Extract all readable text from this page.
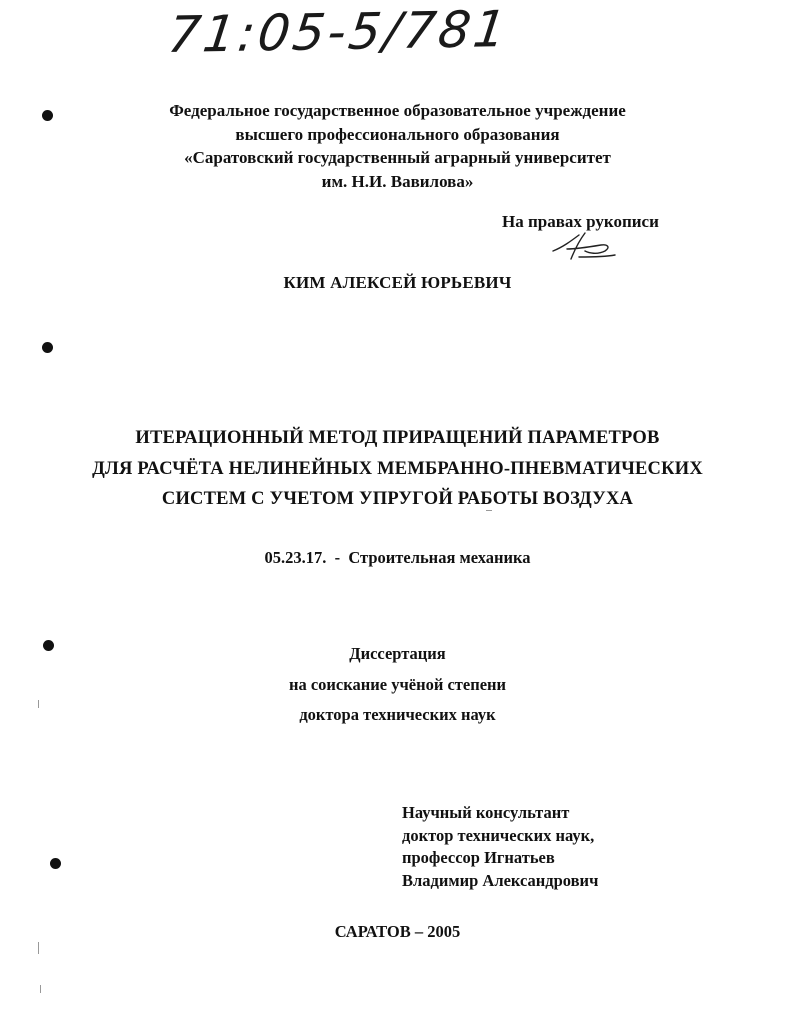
71:05-5/781
Федеральное государственное образовательное учреждение
высшего профессионального образования
«Саратовский государственный аграрный университет
им. Н.И. Вавилова»
На правах рукописи
КИМ АЛЕКСЕЙ ЮРЬЕВИЧ
ИТЕРАЦИОННЫЙ МЕТОД ПРИРАЩЕНИЙ ПАРАМЕТРОВ
ДЛЯ РАСЧЁТА НЕЛИНЕЙНЫХ МЕМБРАННО-ПНЕВМАТИЧЕСКИХ
СИСТЕМ С УЧЕТОМ УПРУГОЙ РАБОТЫ ВОЗДУХА
05.23.17.  -  Строительная механика
Диссертация
на соискание учёной степени
доктора технических наук
Научный консультант
доктор технических наук,
профессор Игнатьев
Владимир Александрович
САРАТОВ – 2005
